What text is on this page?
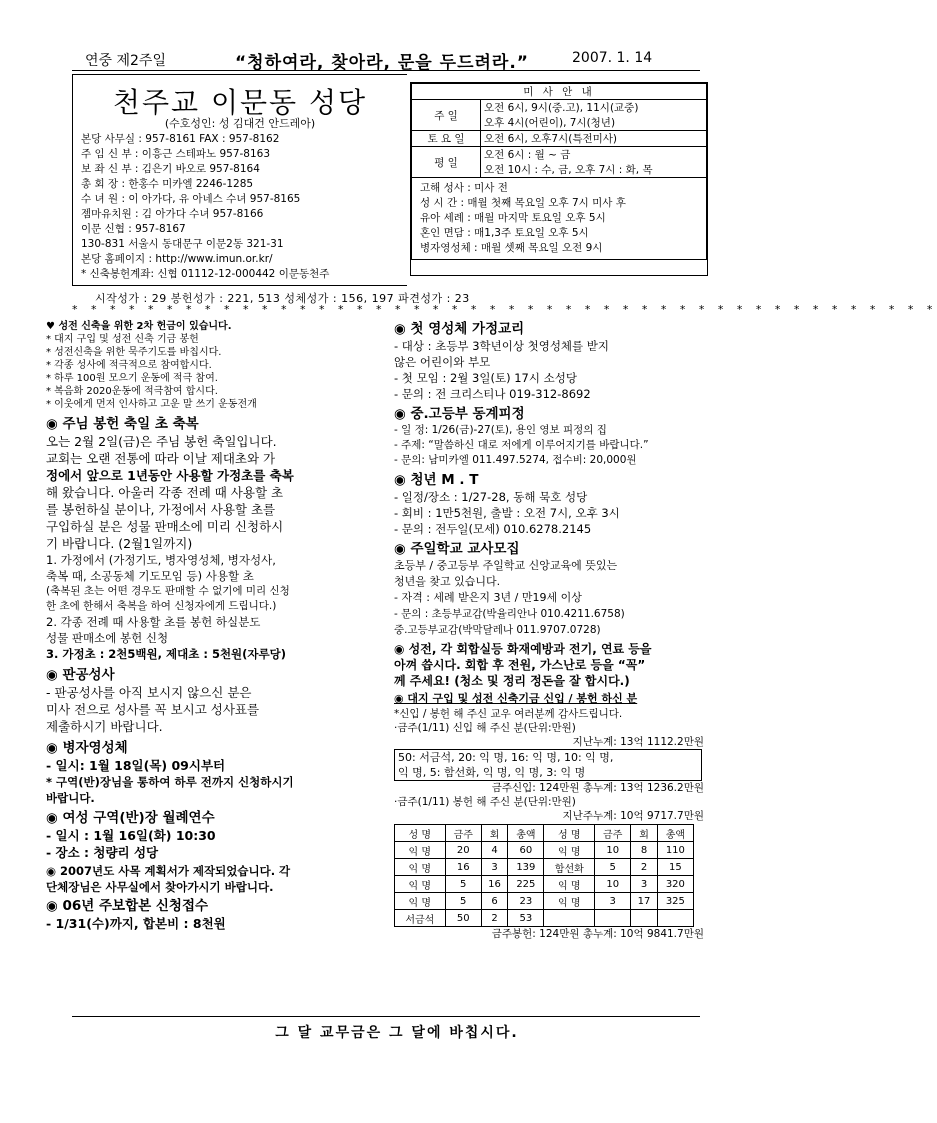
연중 제2주일	“청하여라, 찾아라, 문을 두드려라.”	2007. 1. 14
천주교 이문동 성당
(수호성인: 성 김대건 안드레아)
본당 사무실 : 957-8161 FAX : 957-8162
주 임 신 부 : 이흥근 스테파노 957-8163
보 좌 신 부 : 김은기 바오로 957-8164
총 회 장 : 한홍수 미카엘 2246-1285
수 녀 원 : 이 아가다, 유 아네스 수녀 957-8165
젬마유치원 : 김 아가다 수녀 957-8166
이문 신협 : 957-8167
130-831 서울시 동대문구 이문2동 321-31
본당 홈페이지 : http://www.imun.or.kr/
* 신축봉헌계좌: 신협 01112-12-000442 이문동천주
미 사 안 내	
주 일	오전 6시, 9시(중.고), 11시(교중)
오후 4시(어린이), 7시(청년)

토 요 일	오전 6시, 오후7시(특전미사)
평 일	오전 6시 : 월 ~ 금
오전 10시 : 수, 금, 오후 7시 : 화, 목

고해 성사 : 미사 전
성 시 간 : 매월 첫째 목요일 오후 7시 미사 후
유아 세례 : 매월 마지막 토요일 오후 5시
혼인 면담 : 매1,3주 토요일 오후 5시
병자영성체 : 매월 셋째 목요일 오전 9시	
시작성가 : 29 봉헌성가 : 221, 513 성체성가 : 156, 197 파견성가 : 23
* * * * * * * * * * * * * * * * * * * * * * * * * * * * * * * * * * * * * * * * * * * * * *
♥ 성전 신축을 위한 2차 헌금이 있습니다.
* 대지 구입 및 성전 신축 기금 봉헌
* 성전신축을 위한 묵주기도를 바칩시다.
* 각종 성사에 적극적으로 참여합시다.
* 하루 100원 모으기 운동에 적극 참여.
* 복음화 2020운동에 적극참여 합시다.
* 이웃에게 먼저 인사하고 고운 말 쓰기 운동전개
◉ 주님 봉헌 축일 초 축복
오는 2월 2일(금)은 주님 봉헌 축일입니다.
교회는 오랜 전통에 따라 이날 제대초와 가
정에서 앞으로 1년동안 사용할 가정초를 축복
해 왔습니다. 아울러 각종 전례 때 사용할 초
를 봉헌하실 분이나, 가정에서 사용할 초를
구입하실 분은 성물 판매소에 미리 신청하시
기 바랍니다. (2월1일까지)
1. 가정에서 (가정기도, 병자영성체, 병자성사,
축복 때, 소공동체 기도모임 등) 사용할 초
(축복된 초는 어떤 경우도 판매할 수 없기에 미리 신청
한 초에 한해서 축복을 하여 신청자에게 드립니다.)
2. 각종 전례 때 사용할 초를 봉헌 하실분도
성물 판매소에 봉헌 신청
3. 가정초 : 2천5백원, 제대초 : 5천원(자루당)
◉ 판공성사
- 판공성사를 아직 보시지 않으신 분은
미사 전으로 성사를 꼭 보시고 성사표를
제출하시기 바랍니다.
◉ 병자영성체
- 일시: 1월 18일(목) 09시부터
* 구역(반)장님을 통하여 하루 전까지 신청하시기
바랍니다.
◉ 여성 구역(반)장 월례연수
- 일시 : 1월 16일(화) 10:30
- 장소 : 청량리 성당
◉ 2007년도 사목 계획서가 제작되었습니다. 각
단체장님은 사무실에서 찾아가시기 바랍니다.
◉ 06년 주보합본 신청접수
- 1/31(수)까지, 합본비 : 8천원
◉ 첫 영성체 가정교리
- 대상 : 초등부 3학년이상 첫영성체를 받지
않은 어린이와 부모
- 첫 모임 : 2월 3일(토) 17시 소성당
- 문의 : 전 크리스티나 019-312-8692
◉ 중.고등부 동계피정
- 일 정: 1/26(금)-27(토), 용인 영보 피정의 집
- 주제: “말씀하신 대로 저에게 이루어지기를 바랍니다.”
- 문의: 남미카엘 011.497.5274, 접수비: 20,000원
◉ 청년 M . T
- 일정/장소 : 1/27-28, 동해 묵호 성당
- 회비 : 1만5천원, 출발 : 오전 7시, 오후 3시
- 문의 : 전두일(모세) 010.6278.2145
◉ 주일학교 교사모집
초등부 / 중고등부 주일학교 신앙교육에 뜻있는
청년을 찾고 있습니다.
- 자격 : 세례 받은지 3년 / 만19세 이상
- 문의 : 초등부교감(박율리안나 010.4211.6758)
중.고등부교감(박막달레나 011.9707.0728)
◉ 성전, 각 회합실등 화재예방과 전기, 연료 등을
아껴 씁시다. 회합 후 전원, 가스난로 등을 “꼭”
께 주세요! (청소 및 정리 정돈을 잘 합시다.)
◉ 대지 구입 및 성전 신축기금 신입 / 봉헌 하신 분
*신입 / 봉헌 해 주신 교우 여러분께 감사드립니다.
·금주(1/11) 신입 해 주신 분(단위:만원)
지난누계: 13억 1112.2만원
50: 서금석, 20: 익 명, 16: 익 명, 10: 익 명,
익 명, 5: 함선화, 익 명, 익 명, 3: 익 명
금주신입: 124만원 총누계: 13억 1236.2만원
·금주(1/11) 봉헌 해 주신 분(단위:만원)
지난주누계: 10억 9717.7만원
성 명	금주	회	총액	성 명	금주	회	총액
익 명	20	4	60	익 명	10	8	110
익 명	16	3	139	함선화	5	2	15
익 명	5	16	225	익 명	10	3	320
익 명	5	6	23	익 명	3	17	325
서금석	50	2	53				
금주봉헌: 124만원 총누계: 10억 9841.7만원
그 달 교무금은 그 달에 바칩시다.
